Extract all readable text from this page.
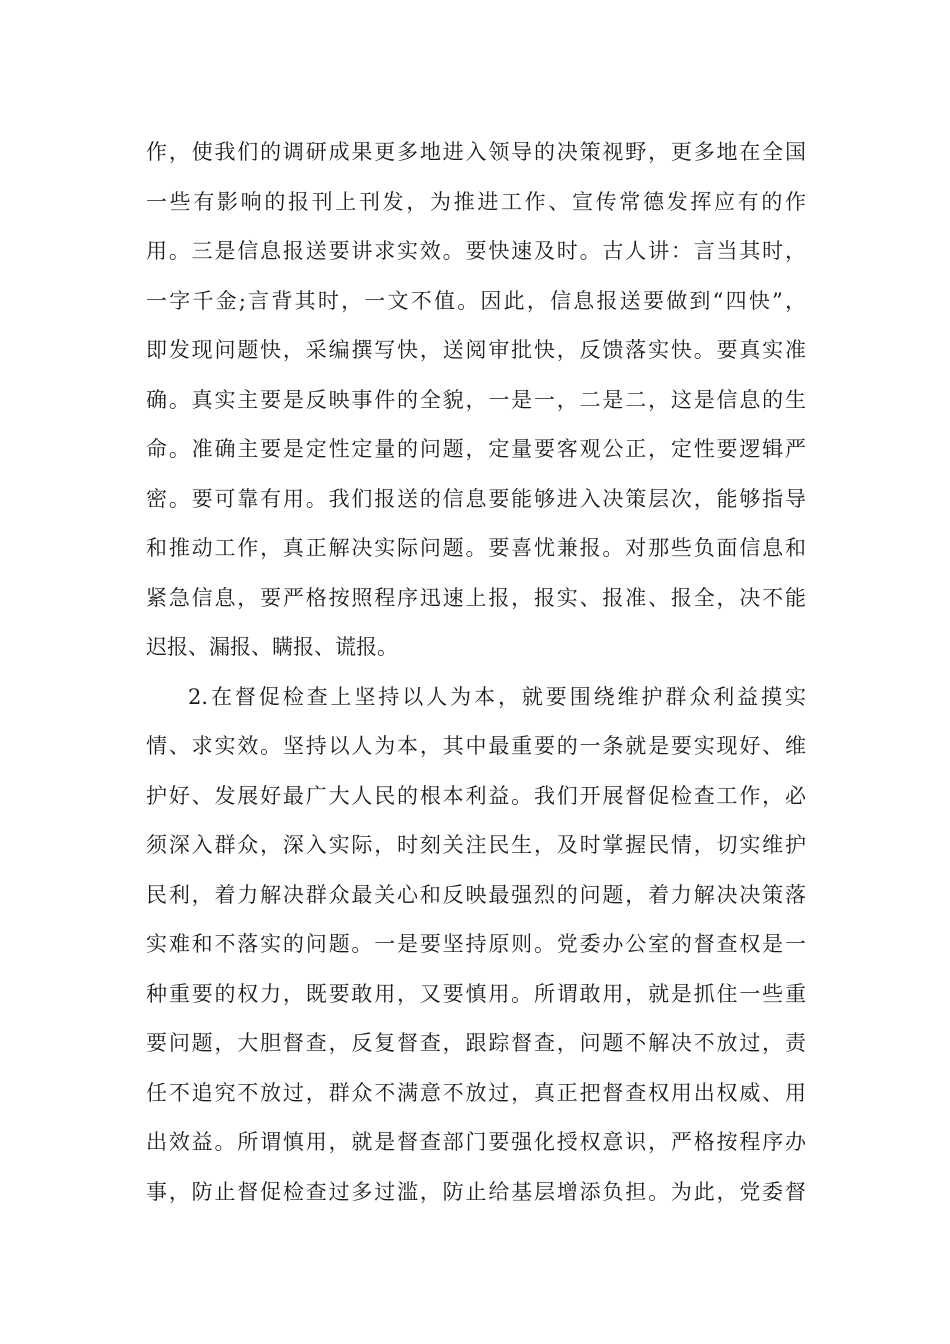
作，使我们的调研成果更多地进入领导的决策视野，更多地在全国
一些有影响的报刊上刊发，为推进工作、宣传常德发挥应有的作
用。三是信息报送要讲求实效。要快速及时。古人讲：言当其时，
一字千金;言背其时，一文不值。因此，信息报送要做到“四快”，
即发现问题快，采编撰写快，送阅审批快，反馈落实快。要真实准
确。真实主要是反映事件的全貌，一是一，二是二，这是信息的生
命。准确主要是定性定量的问题，定量要客观公正，定性要逻辑严
密。要可靠有用。我们报送的信息要能够进入决策层次，能够指导
和推动工作，真正解决实际问题。要喜忧兼报。对那些负面信息和
紧急信息，要严格按照程序迅速上报，报实、报准、报全，决不能
迟报、漏报、瞒报、谎报。
2.在督促检查上坚持以人为本，就要围绕维护群众利益摸实
情、求实效。坚持以人为本，其中最重要的一条就是要实现好、维
护好、发展好最广大人民的根本利益。我们开展督促检查工作，必
须深入群众，深入实际，时刻关注民生，及时掌握民情，切实维护
民利，着力解决群众最关心和反映最强烈的问题，着力解决决策落
实难和不落实的问题。一是要坚持原则。党委办公室的督查权是一
种重要的权力，既要敢用，又要慎用。所谓敢用，就是抓住一些重
要问题，大胆督查，反复督查，跟踪督查，问题不解决不放过，责
任不追究不放过，群众不满意不放过，真正把督查权用出权威、用
出效益。所谓慎用，就是督查部门要强化授权意识，严格按程序办
事，防止督促检查过多过滥，防止给基层增添负担。为此，党委督
